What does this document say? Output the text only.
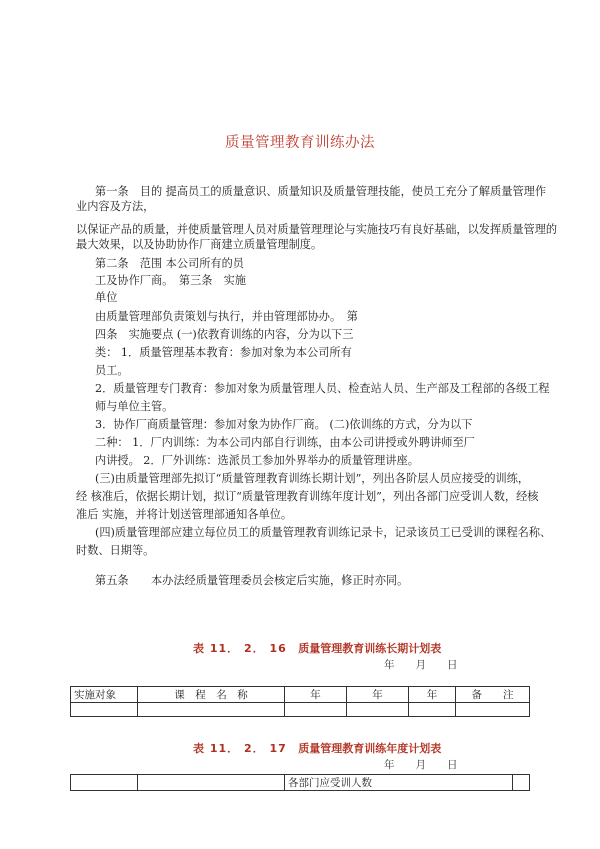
质量管理教育训练办法
第一条　目的 提高员工的质量意识、质量知识及质量管理技能，使员工充分了解质量管理作
业内容及方法，
以保证产品的质量，并使质量管理人员对质量管理理论与实施技巧有良好基础，以发挥质量管理的
最大效果，以及协助协作厂商建立质量管理制度。
第二条　范围 本公司所有的员
工及协作厂商。　第三条　实施
单位
由质量管理部负责策划与执行，并由管理部协办。　第
四条　实施要点 (一)依教育训练的内容，分为以下三
类： 1．质量管理基本教育：参加对象为本公司所有
员工。
2．质量管理专门教育：参加对象为质量管理人员、检查站人员、生产部及工程部的各级工程
师与单位主管。
3．协作厂商质量管理：参加对象为协作厂商。 (二)依训练的方式，分为以下
二种： 1．厂内训练：为本公司内部自行训练，由本公司讲授或外聘讲师至厂
内讲授。 2．厂外训练：选派员工参加外界举办的质量管理讲座。
(三)由质量管理部先拟订“质量管理教育训练长期计划”，列出各阶层人员应接受的训练，
经 核准后，依据长期计划，拟订“质量管理教育训练年度计划”，列出各部门应受训人数，经核
准后 实施，并将计划送管理部通知各单位。
(四)质量管理部应建立每位员工的质量管理教育训练记录卡，记录该员工已受训的课程名称、
时数、日期等。
第五条　　本办法经质量管理委员会核定后实施，修正时亦同。
表 11． 2． 16 质量管理教育训练长期计划表
年　　月　　日
实施对象	课　程　名　称	年	年	年	备　　注

表 11． 2． 17 质量管理教育训练年度计划表
年　　月　　日
		各部门应受训人数	
